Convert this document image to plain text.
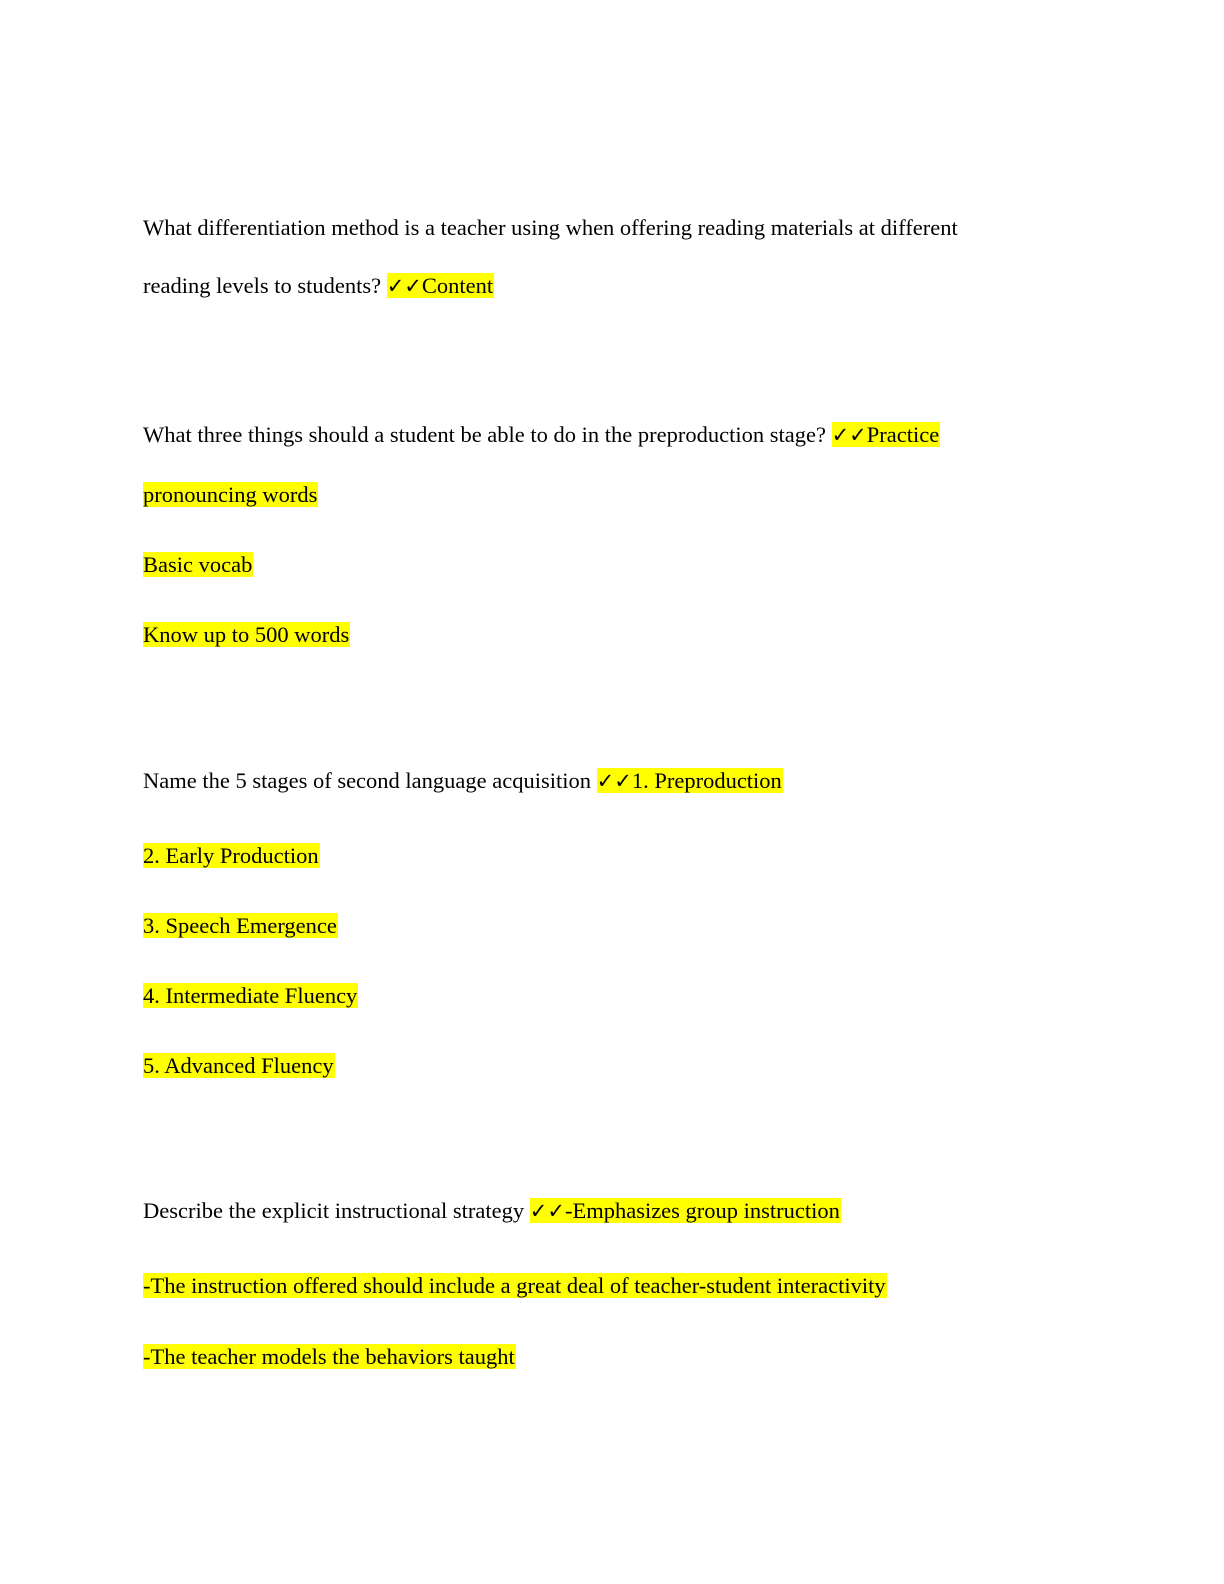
What differentiation method is a teacher using when offering reading materials at different
reading levels to students? ✓✓Content
What three things should a student be able to do in the preproduction stage? ✓✓Practice
pronouncing words
Basic vocab
Know up to 500 words
Name the 5 stages of second language acquisition ✓✓1. Preproduction
2. Early Production
3. Speech Emergence
4. Intermediate Fluency
5. Advanced Fluency
Describe the explicit instructional strategy ✓✓-Emphasizes group instruction
-The instruction offered should include a great deal of teacher-student interactivity
-The teacher models the behaviors taught
